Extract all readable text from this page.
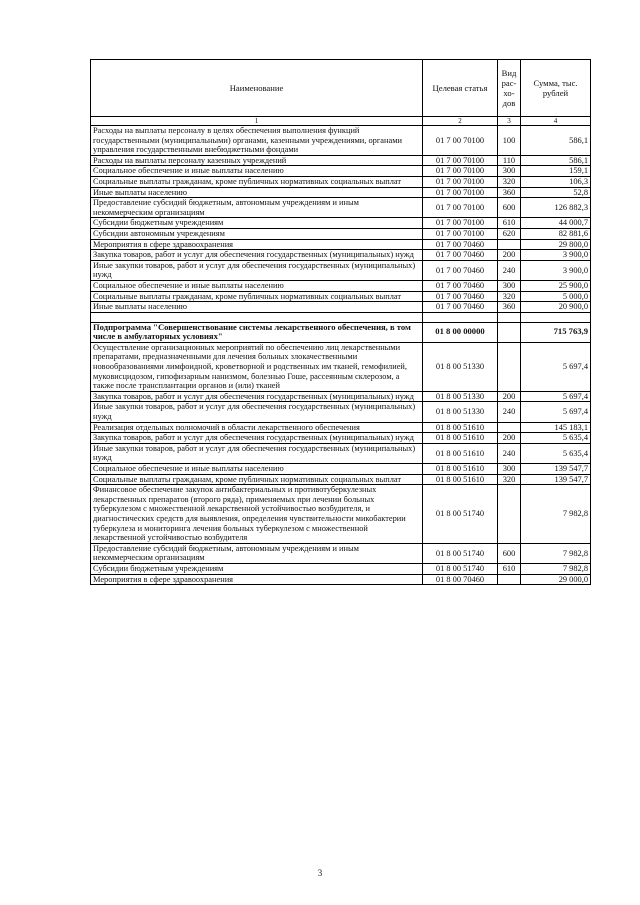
Наименование	Целевая статья	Вид рас-хо-дов	Сумма, тыс. рублей
1	2	3	4
Расходы на выплаты персоналу в целях обеспечения выполнения функций государственными (муниципальными) органами, казенными учреждениями, органами управления государственными внебюджетными фондами	01 7 00 70100	100	586,1
Расходы на выплаты персоналу казенных учреждений	01 7 00 70100	110	586,1
Социальное обеспечение и иные выплаты населению	01 7 00 70100	300	159,1
Социальные выплаты гражданам, кроме публичных нормативных социальных выплат	01 7 00 70100	320	106,3
Иные выплаты населению	01 7 00 70100	360	52,8
Предоставление субсидий бюджетным, автономным учреждениям и иным некоммерческим организациям	01 7 00 70100	600	126 882,3
Субсидии бюджетным учреждениям	01 7 00 70100	610	44 000,7
Субсидии автономным учреждениям	01 7 00 70100	620	82 881,6
Мероприятия в сфере здравоохранения	01 7 00 70460		29 800,0
Закупка товаров, работ и услуг для обеспечения государственных (муниципальных) нужд	01 7 00 70460	200	3 900,0
Иные закупки товаров, работ и услуг для обеспечения государственных (муниципальных) нужд	01 7 00 70460	240	3 900,0
Социальное обеспечение и иные выплаты населению	01 7 00 70460	300	25 900,0
Социальные выплаты гражданам, кроме публичных нормативных социальных выплат	01 7 00 70460	320	5 000,0
Иные выплаты населению	01 7 00 70460	360	20 900,0

Подпрограмма "Совершенствование системы лекарственного обеспечения, в том числе в амбулаторных условиях"	01 8 00 00000		715 763,9
Осуществление организационных мероприятий по обеспечению лиц лекарственными препаратами, предназначенными для лечения больных злокачественными новообразованиями лимфоидной, кроветворной и родственных им тканей, гемофилией, муковисцидозом, гипофизарным нанизмом, болезнью Гоше, рассеянным склерозом, а также после трансплантации органов и (или) тканей	01 8 00 51330		5 697,4
Закупка товаров, работ и услуг для обеспечения государственных (муниципальных) нужд	01 8 00 51330	200	5 697,4
Иные закупки товаров, работ и услуг для обеспечения государственных (муниципальных) нужд	01 8 00 51330	240	5 697,4
Реализация отдельных полномочий в области лекарственного обеспечения	01 8 00 51610		145 183,1
Закупка товаров, работ и услуг для обеспечения государственных (муниципальных) нужд	01 8 00 51610	200	5 635,4
Иные закупки товаров, работ и услуг для обеспечения государственных (муниципальных) нужд	01 8 00 51610	240	5 635,4
Социальное обеспечение и иные выплаты населению	01 8 00 51610	300	139 547,7
Социальные выплаты гражданам, кроме публичных нормативных социальных выплат	01 8 00 51610	320	139 547,7
Финансовое обеспечение закупок антибактериальных и противотуберкулезных лекарственных препаратов (второго ряда), применяемых при лечении больных туберкулезом с множественной лекарственной устойчивостью возбудителя, и диагностических средств для выявления, определения чувствительности микобактерии туберкулеза и мониторинга лечения больных туберкулезом с множественной лекарственной устойчивостью возбудителя	01 8 00 51740		7 982,8
Предоставление субсидий бюджетным, автономным учреждениям и иным некоммерческим организациям	01 8 00 51740	600	7 982,8
Субсидии бюджетным учреждениям	01 8 00 51740	610	7 982,8
Мероприятия в сфере здравоохранения	01 8 00 70460		29 000,0
3
